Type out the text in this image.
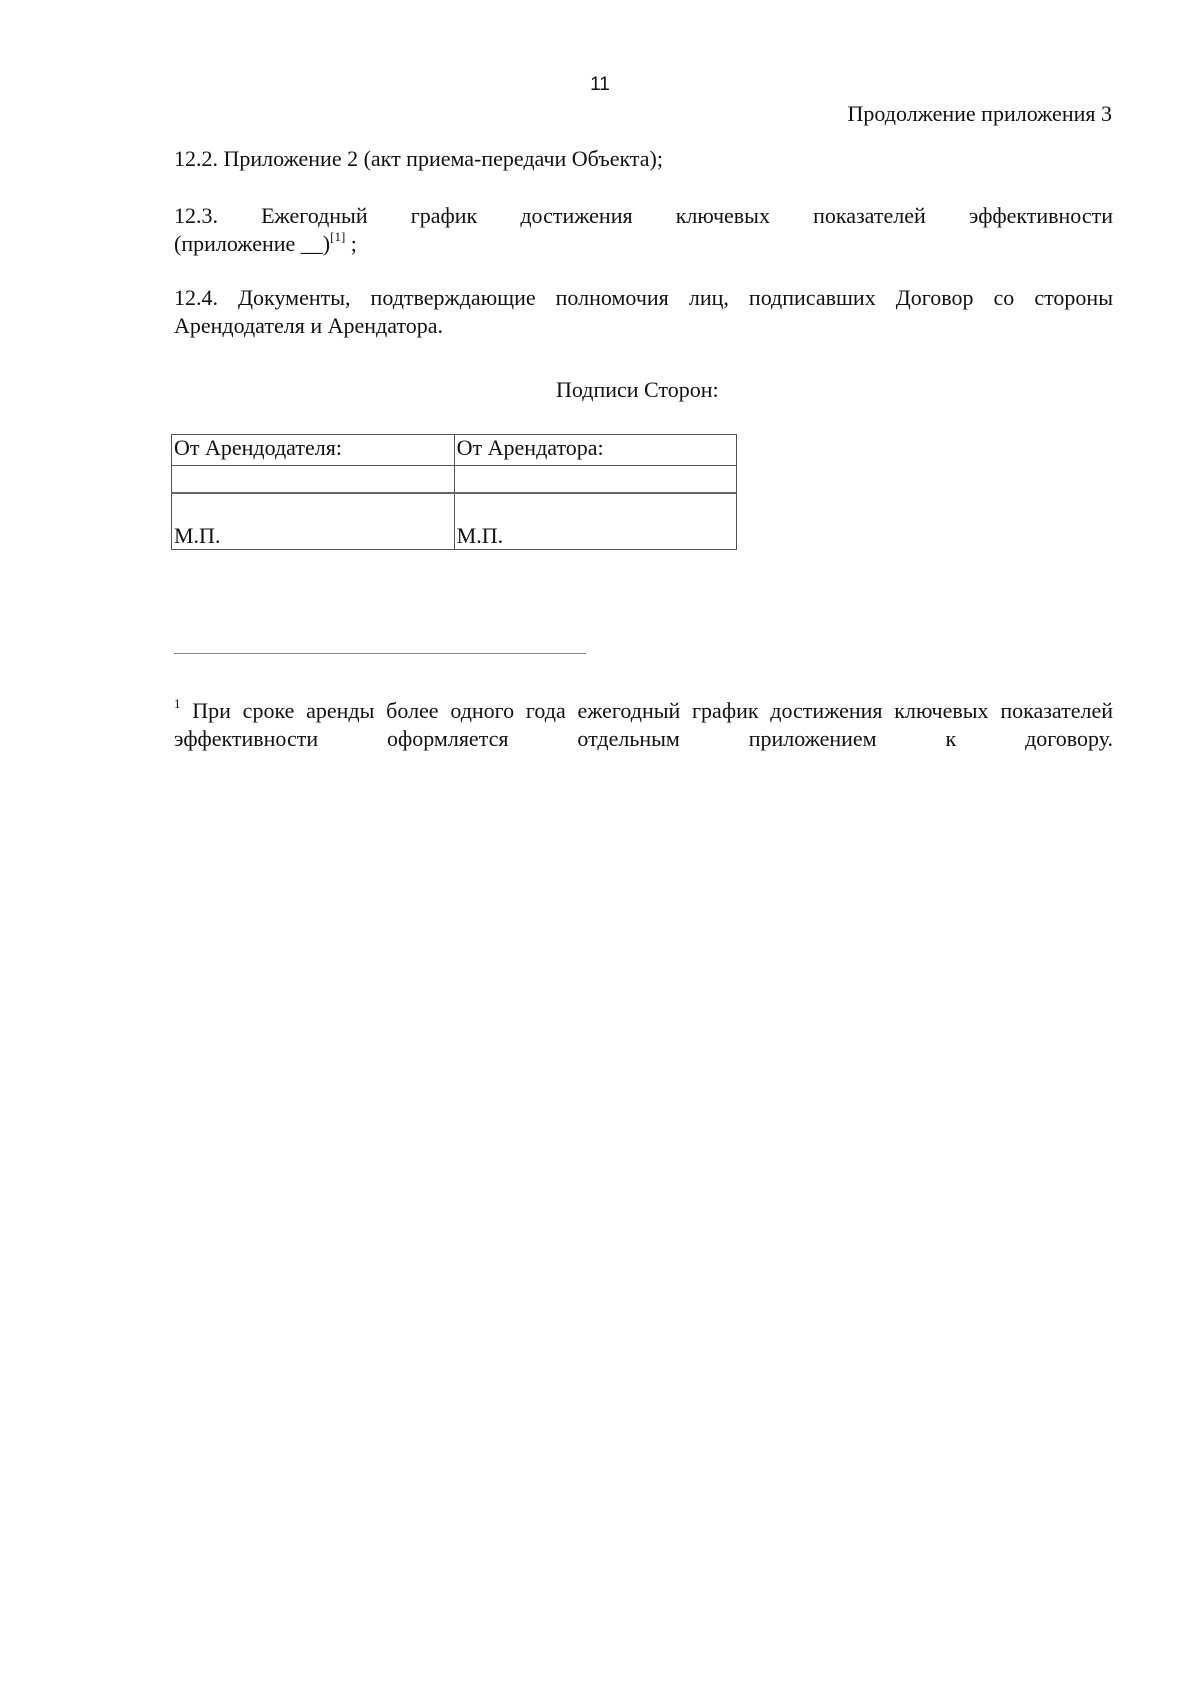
11
Продолжение приложения 3
12.2. Приложение 2 (акт приема-передачи Объекта);
12.3. Ежегодный график достижения ключевых показателей эффективности
(приложение __)[1] ;
12.4. Документы, подтверждающие полномочия лиц, подписавших Договор со стороны
Арендодателя и Арендатора.
Подписи Сторон:
От Арендодателя:	От Арендатора:

М.П.	М.П.
$^1$ При сроке аренды более одного года ежегодный график достижения ключевых показателей эффективности оформляется отдельным приложением к договору.
